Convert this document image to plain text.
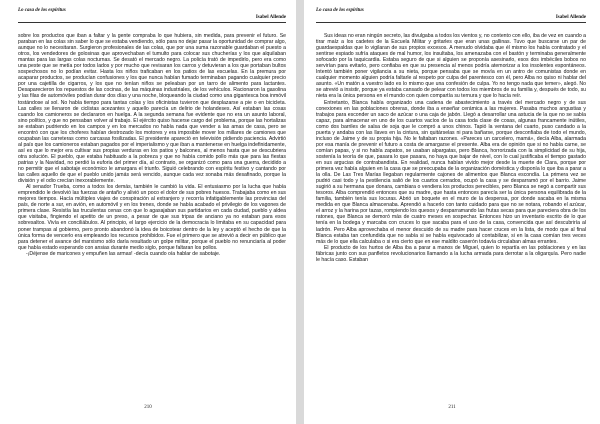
Lo casa de los espíritus
Isabel Allende

sobre los productos que iban a faltar y la gente compraba lo que hubiera, sin medida, para prevenir el futuro. Se paraban en las colas sin saber lo que se estaba vendiendo, sólo para no dejar pasar la oportunidad de comprar algo, aunque no lo necesitaran. Surgieron profesionales de las colas, que por una suma razonable guardaban el puesto a otros, los vendedores de golosinas que aprovechaban el tumulto para colocar sus chucherías y los que alquilaban mantas para las largas colas nocturnas. Se desató el mercado negro. La policía trató de impedirlo, pero era como una peste que se metía por todos lados y por mucho que revisaran los carros y detuvieran a los que portaban bultos sospechosos no lo podían evitar. Hasta los niños traficaban en los patios de las escuelas. En la premura por acaparar productos, se producían confusiones y los que nunca habían fumado terminaban pagando cualquier precio por una cajetilla de cigarros, y los que no tenían niños se peleaban por un tarro de alimento para lactantes. Desaparecieron los repuestos de las cocinas, de las máquinas industriales, de los vehículos. Racionaron la gasolina y las filas de automóviles podían durar dos días y una noche, bloqueando la ciudad como una gigantesca boa inmóvil tostándose al sol. No había tiempo para tantas colas y los oficinistas tuvieron que desplazarse a pie o en bicicleta. Las calles se llenaron de ciclistas acezantes y aquello parecía un delirio de holandeses. Así estaban las cosas cuando los camioneros se declararon en huelga. A la segunda semana fue evidente que no era un asunto laboral, sino político, y que no pensaban volver al trabajo. El ejército quiso hacerse cargo del problema, porque las hortalizas se estaban pudriendo en los campos y en los mercados no había nada que vender a las amas de casa, pero se encontró con que los choferes habían destrozado los motores y era imposible mover los millares de camiones que ocupaban las carreteras como carcasas fosilizadas. El presidente apareció en televisión pidiendo paciencia. Advirtió al país que los camioneros estaban pagados por el imperialismo y que iban a mantenerse en huelga indefinidamente, así es que lo mejor era cultivar sus propias verduras en los patios y balcones, al menos hasta que se descubriera otra solución. El pueblo, que estaba habituado a la pobreza y que no había comido pollo más que para las fiestas patrias y la Navidad, no perdió la euforia del primer día, al contrario, se organizó como para una guerra, decidido a no permitir que el sabotaje económico le amargara el triunfo. Siguió celebrando con espíritu festivo y cantando por las calles aquello de que el pueblo unido jamás será vencido, aunque cada vez sonaba más desafinado, porque la división y el odio crecían inexorablemente.

Al senador Trueba, como a todos los demás, también le cambió la vida. El entusiasmo por la lucha que había emprendido le devolvió las fuerzas de antaño y alivió un poco el dolor de sus pobres huesos. Trabajaba como en sus mejores tiempos. Hacía múltiples viajes de conspiración al extranjero y recorría infatigablemente las provincias del país, de norte a sur, en avión, en automóvil y en los trenes, donde se había acabado el privilegio de los vagones de primera clase. Resistía las truculentas cenas con que lo agasajaban sus partidarios en cada ciudad, pueblo y aldea que visitaba, fingiendo el apetito de un preso, a pesar de que sus tripas de anciano ya no estaban para esos sobresaltos. Vivía en conciliábulos. Al principio, el largo ejercicio de la democracia lo limitaba en su capacidad para poner trampas al gobierno, pero pronto abandonó la idea de boicotear dentro de la ley y aceptó el hecho de que la única forma de vencerlo era empleando los recursos prohibidos. Fue el primero que se atrevió a decir en público que para detener el avance del marxismo sólo daría resultado un golpe militar, porque el pueblo no renunciaría al poder que había estado esperando con ansias durante medio siglo, porque faltaran los pollos.

-¡Déjense de maricones y empuñen las armas! -decía cuando oía hablar de sabotaje.

210
Lo casa de los espíritus
Isabel Allende

Sus ideas no eran ningún secreto, las divulgaba a todos los vientos y, no contento con ello, iba de vez en cuando a tirar maíz a los cadetes de la Escuela Militar y gritarles que eran unas gallinas. Tuvo que buscarse un par de guardaespaldas que lo vigilaran de sus propios excesos. A menudo olvidaba que él mismo los había contratado y el sentirse espiado sufría ataques de mal humor, los insultaba, los amenazaba con el bastón y terminaba generalmente sofocado por la taquicardia. Estaba seguro de que si alguien se proponía asesinarlo, esos dos imbéciles bobos no servirían para evitarlo, pero confiaba en que su presencia al menos podría atemorizar a los insolentes espontáneos. Intentó también poner vigilancia a su nieta, porque pensaba que se movía en un antro de comunistas donde en cualquier momento alguien podría faltarle al respeto por culpa del parentesco con él, pero Alba no quiso ni hablar del asunto. «Un matón a vuestro lado es lo mismo que una confesión de culpa. Yo no tengo nada que temer», alegó. No se atrevió a insistir, porque ya estaba cansado de pelear con todos los miembros de su familia y, después de todo, su nieta era la única persona en el mundo con quien compartía su ternura y que lo hacía reír.

Entretanto, Blanca había organizado una cadena de abastecimiento a través del mercado negro y de sus conexiones en las poblaciones obreras, donde iba a enseñar cerámica a las mujeres. Pasaba muchos angustias y trabajos para esconder un saco de azúcar o una caja de jabón. Llegó a desarrollar una astucia de la que no se sabía capaz, para almacenar en uno de los cuartos vacíos de la casa toda clase de cosas, algunas francamente inútiles, como dos barriles de salsa de soja que le compró a unos chinos. Tapió la ventana del cuarto, puso candado a la puerta y andaba con las llaves en la cintura, sin quitárselas ni para bañarse, porque desconfiaba de todo el mundo, incluso de Jaime y de su propia hija. No le faltaban razones. «Pareces un carcelero, mamá», decía Alba, alarmada por esa manía de prevenir el futuro a costa de amargarse el presente. Alba era de opinión que si no había carne, se comían papas, y si no había zapatos, se usaban alpargatas, pero Blanca, horrorizada con la simplicidad de su hija, sostenía la teoría de que, pasara lo que pasara, no haya que bajar de nivel, con lo cual justificaba el tiempo gastado en sus argucias de contrabandista. En realidad, nunca habían vivido mejor desde la muerte de Clara, porque por primera vez había alguien en la casa que se preocupaba de la organización doméstica y disponía lo que iba a parar a la olla. De Las Tres Marías llegaban regularmente cajones de alimentos que Blanca escondía. La primera vez se pudrió casi todo y la pestilencia salió de los cuartos cerrados, ocupó la casa y se desparramó por el barrio. Jaime sugirió a su hermana que donara, cambiara o vendiera los productos perecibles, pero Blanca se negó a compartir sus tesoros. Alba comprendió entonces que su madre, que hasta entonces parecía ser la única persona equilibrada de la familia, también tenía sus locuras. Abrió un boquete en el muro de la despensa, por donde sacaba en la misma medida en que Blanca almacenaba. Aprendió a hacerlo con tanto cuidado para que no se notara, robando el azúcar, el arroz y la harina por tazas, rompiendo los quesos y desparramando las frutas secas para que pareciera obra de los ratones, que Blanca se demoró más de cuatro meses en sospechar. Entonces hizo un inventario escrito de lo que tenía en la bodega y marcaba con cruces lo que sacaba para el uso de la casa, convencida que así descubriría al ladrón. Pero Alba aprovechaba el menor descuido de su madre para hacer cruces en la lista, de modo que al final Blanca estaba tan confundida que no sabía si se había equivocado al contabilizar, si en la casa comían tres veces más de lo que ella calculaba o si era cierto que en ese maldito caserón todavía circulaban almas errantes.

El producto de los hurtos de Alba iba a parar a manos de Miguel, quien lo repartía en las poblaciones y en las fábricas junto con sus panfletos revolucionarios llamando a la lucha armada para derrotar a la oligarquía. Pero nadie le hacía caso. Estaban

211
